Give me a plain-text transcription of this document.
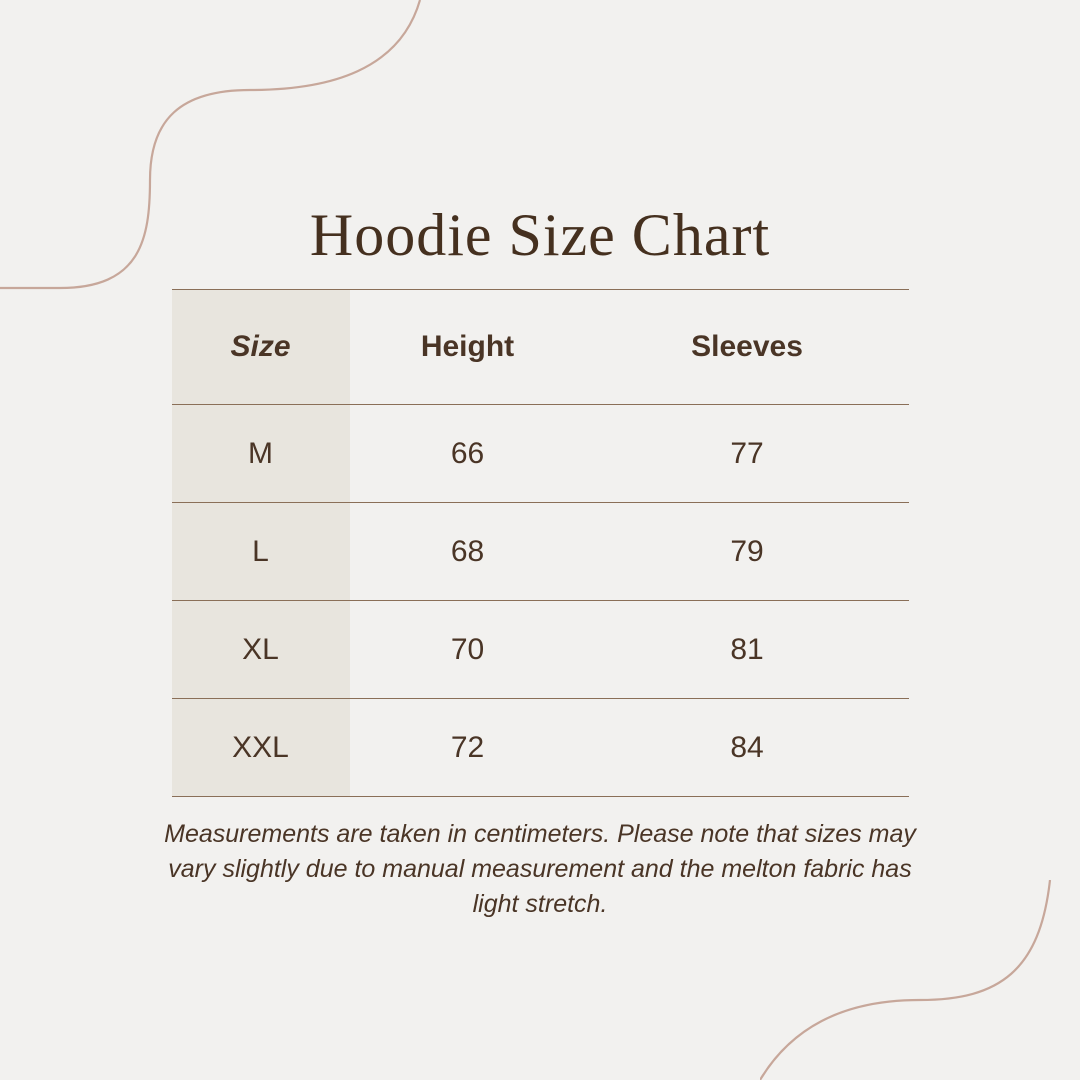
Hoodie Size Chart
Size	Height	Sleeves
M	66	77
L	68	79
XL	70	81
XXL	72	84
Measurements are taken in centimeters. Please note that sizes may vary slightly due to manual measurement and the melton fabric has light stretch.
